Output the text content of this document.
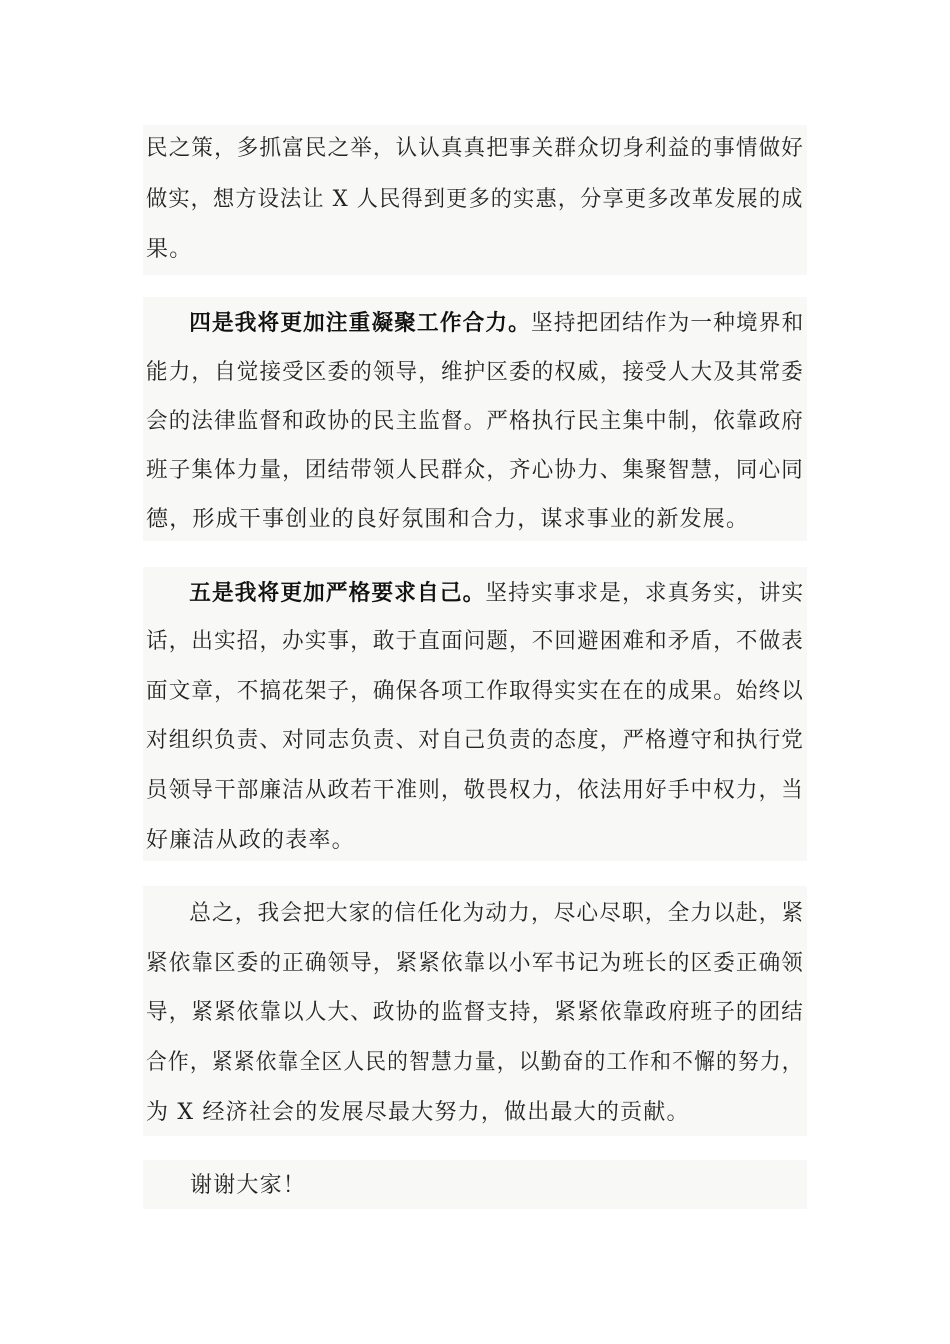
民之策，多抓富民之举，认认真真把事关群众切身利益的事情做好
做实，想方设法让 X 人民得到更多的实惠，分享更多改革发展的成
果。
四是我将更加注重凝聚工作合力。坚持把团结作为一种境界和
能力，自觉接受区委的领导，维护区委的权威，接受人大及其常委
会的法律监督和政协的民主监督。严格执行民主集中制，依靠政府
班子集体力量，团结带领人民群众，齐心协力、集聚智慧，同心同
德，形成干事创业的良好氛围和合力，谋求事业的新发展。
五是我将更加严格要求自己。坚持实事求是，求真务实，讲实
话，出实招，办实事，敢于直面问题，不回避困难和矛盾，不做表
面文章，不搞花架子，确保各项工作取得实实在在的成果。始终以
对组织负责、对同志负责、对自己负责的态度，严格遵守和执行党
员领导干部廉洁从政若干准则，敬畏权力，依法用好手中权力，当
好廉洁从政的表率。
总之，我会把大家的信任化为动力，尽心尽职，全力以赴，紧
紧依靠区委的正确领导，紧紧依靠以小军书记为班长的区委正确领
导，紧紧依靠以人大、政协的监督支持，紧紧依靠政府班子的团结
合作，紧紧依靠全区人民的智慧力量，以勤奋的工作和不懈的努力，
为 X 经济社会的发展尽最大努力，做出最大的贡献。
谢谢大家！
